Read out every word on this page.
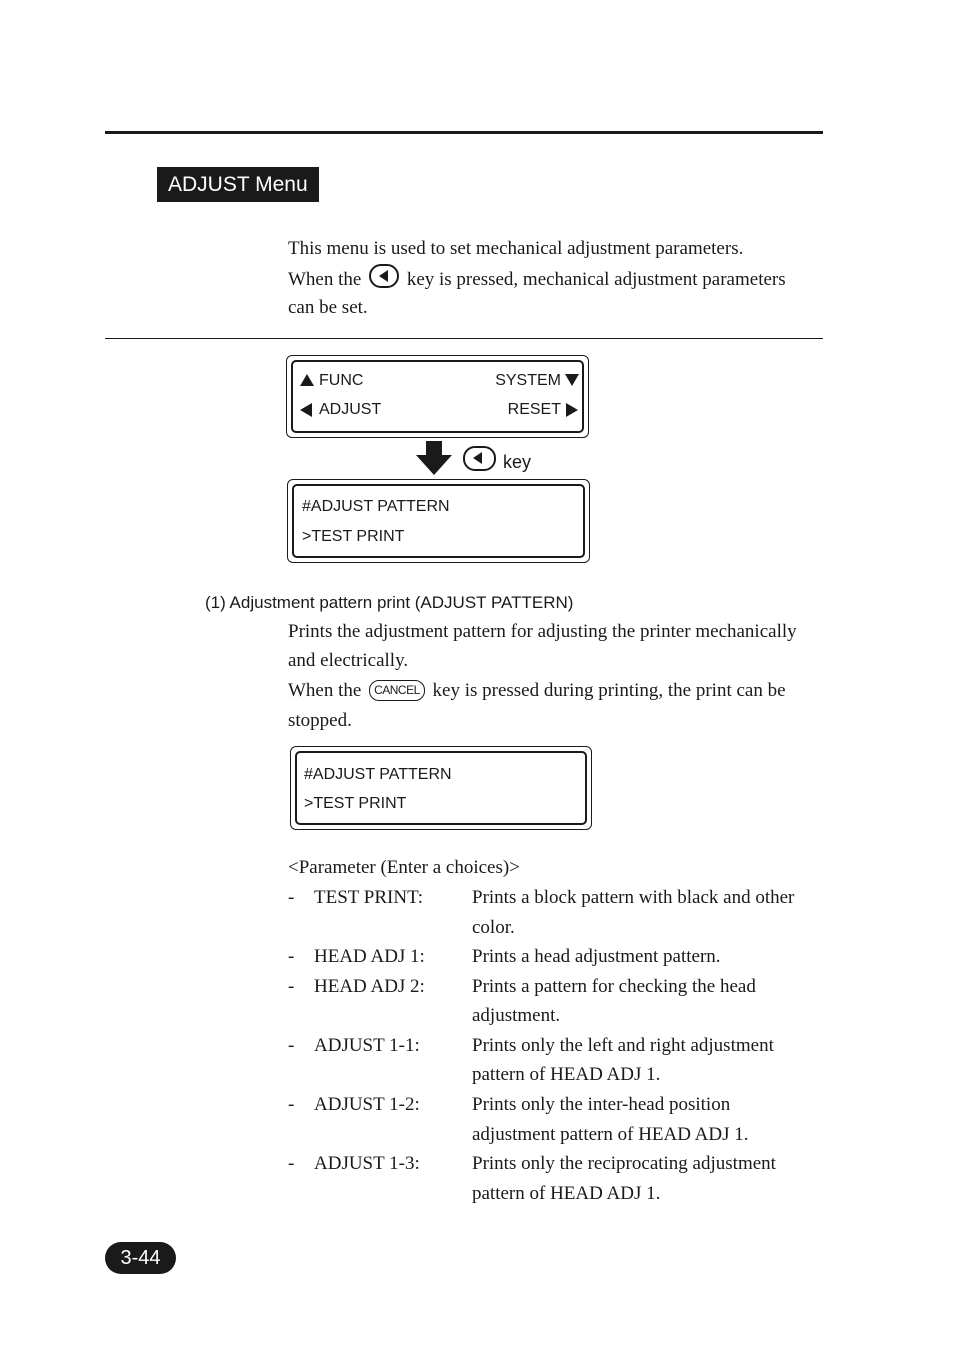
ADJUST Menu
This menu is used to set mechanical adjustment parameters.
When the key is pressed, mechanical adjustment parameters
can be set.
FUNC	SYSTEM
ADJUST	RESET
key
#ADJUST PATTERN
>TEST PRINT
(1) Adjustment pattern print (ADJUST PATTERN)
Prints the adjustment pattern for adjusting the printer mechanically
and electrically.
When the CANCEL key is pressed during printing, the print can be
stopped.
#ADJUST PATTERN
>TEST PRINT
<Parameter (Enter a choices)>
- TEST PRINT:	Prints a block pattern with black and other
color.
- HEAD ADJ 1: Prints a head adjustment pattern.
- HEAD ADJ 2: Prints a pattern for checking the head
adjustment.
- ADJUST 1-1:	Prints only the left and right adjustment
pattern of HEAD ADJ 1.
- ADJUST 1-2:	Prints only the inter-head position
adjustment pattern of HEAD ADJ 1.
- ADJUST 1-3:	Prints only the reciprocating adjustment
pattern of HEAD ADJ 1.
3-44
